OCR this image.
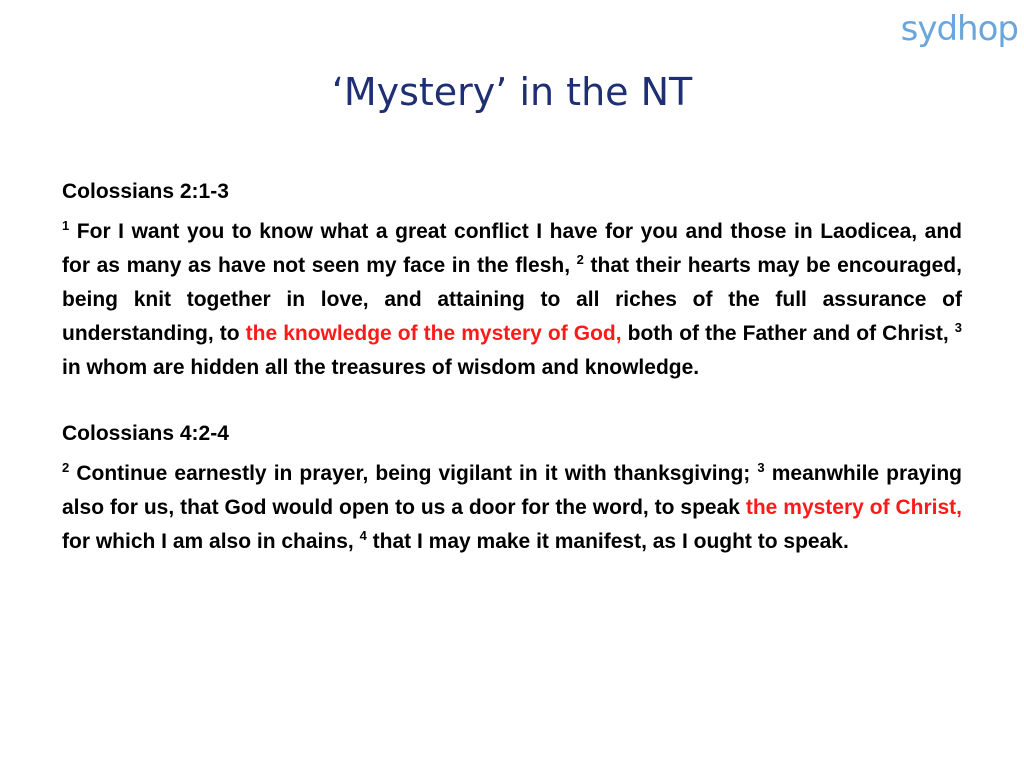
sydhop
‘Mystery’ in the NT

Colossians 2:1-3

$^1$ For I want you to know what a great conflict I have for you and those in Laodicea, and for as many as have not seen my face in the flesh, $^2$ that their hearts may be encouraged, being knit together in love, and attaining to all riches of the full assurance of understanding, to the knowledge of the mystery of God, both of the Father and of Christ, $^3$ in whom are hidden all the treasures of wisdom and knowledge.

Colossians 4:2-4

$^2$ Continue earnestly in prayer, being vigilant in it with thanksgiving; $^3$ meanwhile praying also for us, that God would open to us a door for the word, to speak the mystery of Christ, for which I am also in chains, $^4$ that I may make it manifest, as I ought to speak.
